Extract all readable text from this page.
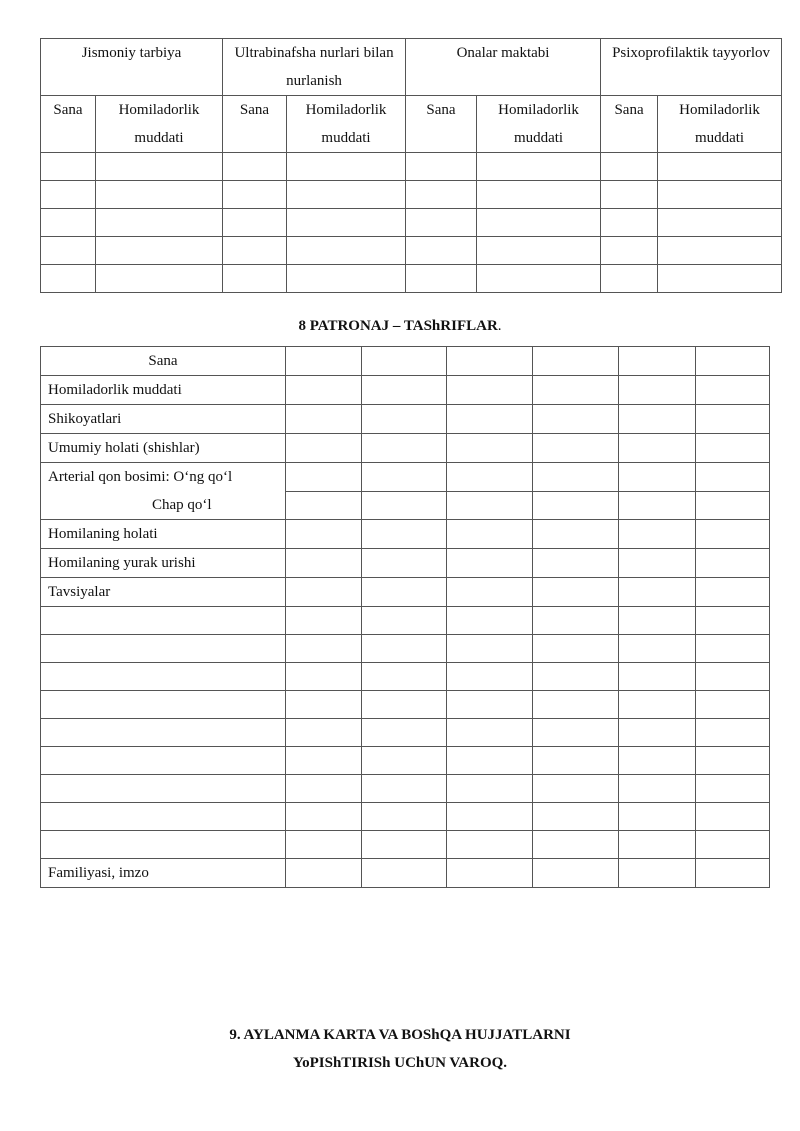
Jismoniy tarbiya		Ultrabinafsha nurlari bilan nurlanish		Onalar maktabi		Psixoprofilaktik tayyorlov	
Sana	Homiladorlik muddati	Sana	Homiladorlik muddati	Sana	Homiladorlik muddati	Sana	Homiladorlik muddati

8 PATRONAJ – TAShRIFLAR.
Sana						
Homiladorlik muddati						
Shikoyatlari						
Umumiy holati (shishlar)						
Arterial qon bosimi: O‘ng qo‘l						
Chap qo‘l						
Homilaning holati						
Homilaning yurak urishi						
Tavsiyalar						

Familiyasi, imzo						
9. AYLANMA KARTA VA BOShQA HUJJATLARNI
YoPIShTIRISh UChUN VAROQ.
